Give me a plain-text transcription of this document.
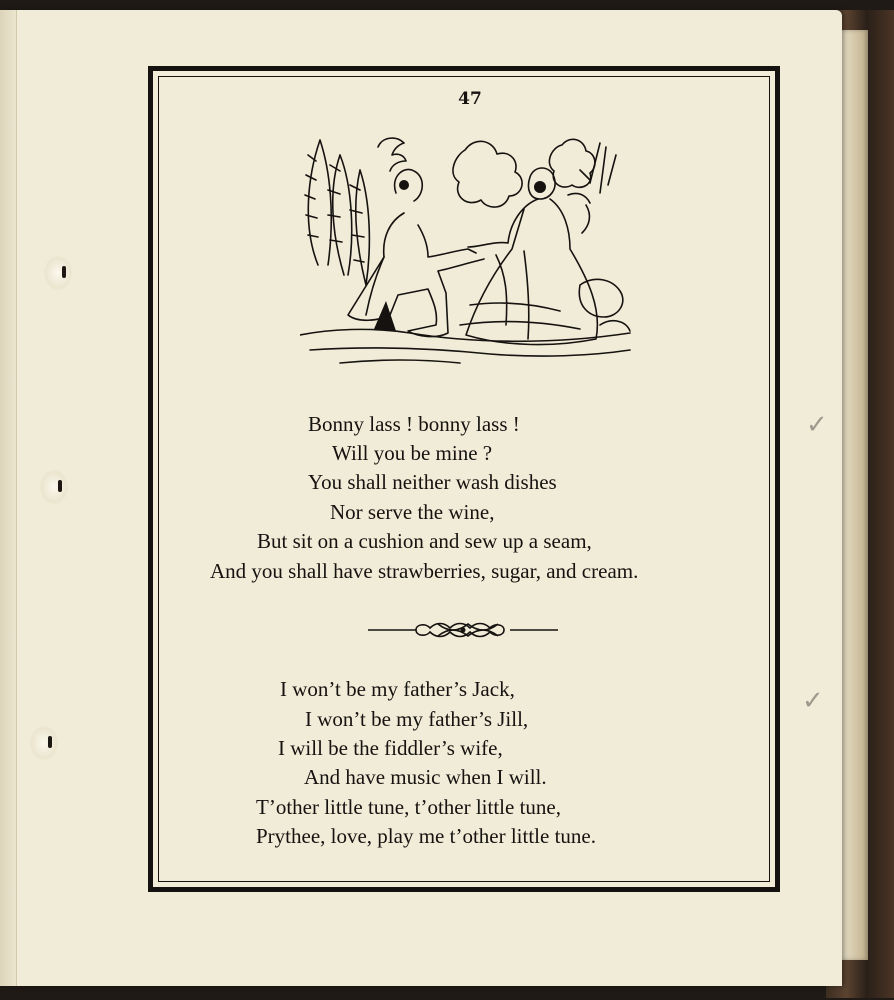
✓
✓
47
Bonny lass ! bonny lass !
Will you be mine ?
You shall neither wash dishes
Nor serve the wine,
But sit on a cushion and sew up a seam,
And you shall have strawberries, sugar, and cream.
I won’t be my father’s Jack,
I won’t be my father’s Jill,
I will be the fiddler’s wife,
And have music when I will.
T’other little tune, t’other little tune,
Prythee, love, play me t’other little tune.
